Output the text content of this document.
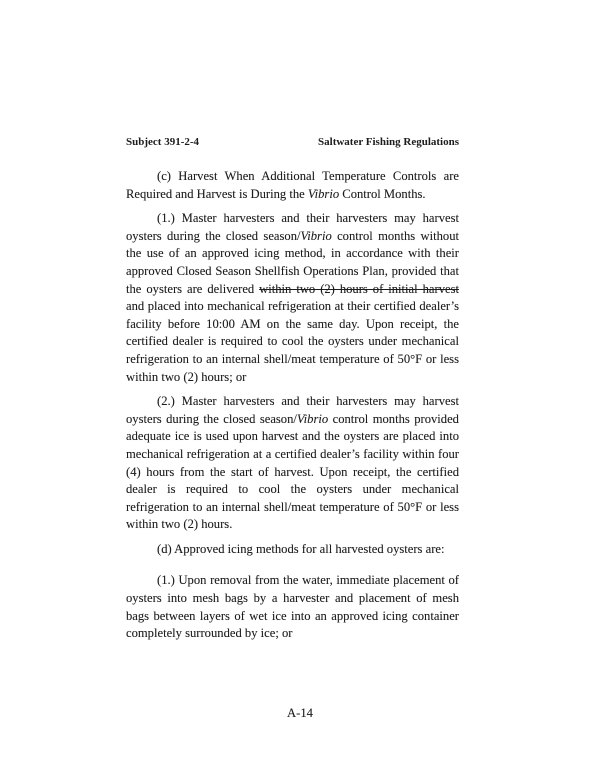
Subject 391-2-4	Saltwater Fishing Regulations

(c) Harvest When Additional Temperature Controls are Required and Harvest is During the Vibrio Control Months.

(1.) Master harvesters and their harvesters may harvest oysters during the closed season/Vibrio control months without the use of an approved icing method, in accordance with their approved Closed Season Shellfish Operations Plan, provided that the oysters are delivered within two (2) hours of initial harvest and placed into mechanical refrigeration at their certified dealer’s facility before 10:00 AM on the same day. Upon receipt, the certified dealer is required to cool the oysters under mechanical refrigeration to an internal shell/meat temperature of 50°F or less within two (2) hours; or

(2.) Master harvesters and their harvesters may harvest oysters during the closed season/Vibrio control months provided adequate ice is used upon harvest and the oysters are placed into mechanical refrigeration at a certified dealer’s facility within four (4) hours from the start of harvest. Upon receipt, the certified dealer is required to cool the oysters under mechanical refrigeration to an internal shell/meat temperature of 50°F or less within two (2) hours.

(d) Approved icing methods for all harvested oysters are:

(1.) Upon removal from the water, immediate placement of oysters into mesh bags by a harvester and placement of mesh bags between layers of wet ice into an approved icing container completely surrounded by ice; or

A-14
